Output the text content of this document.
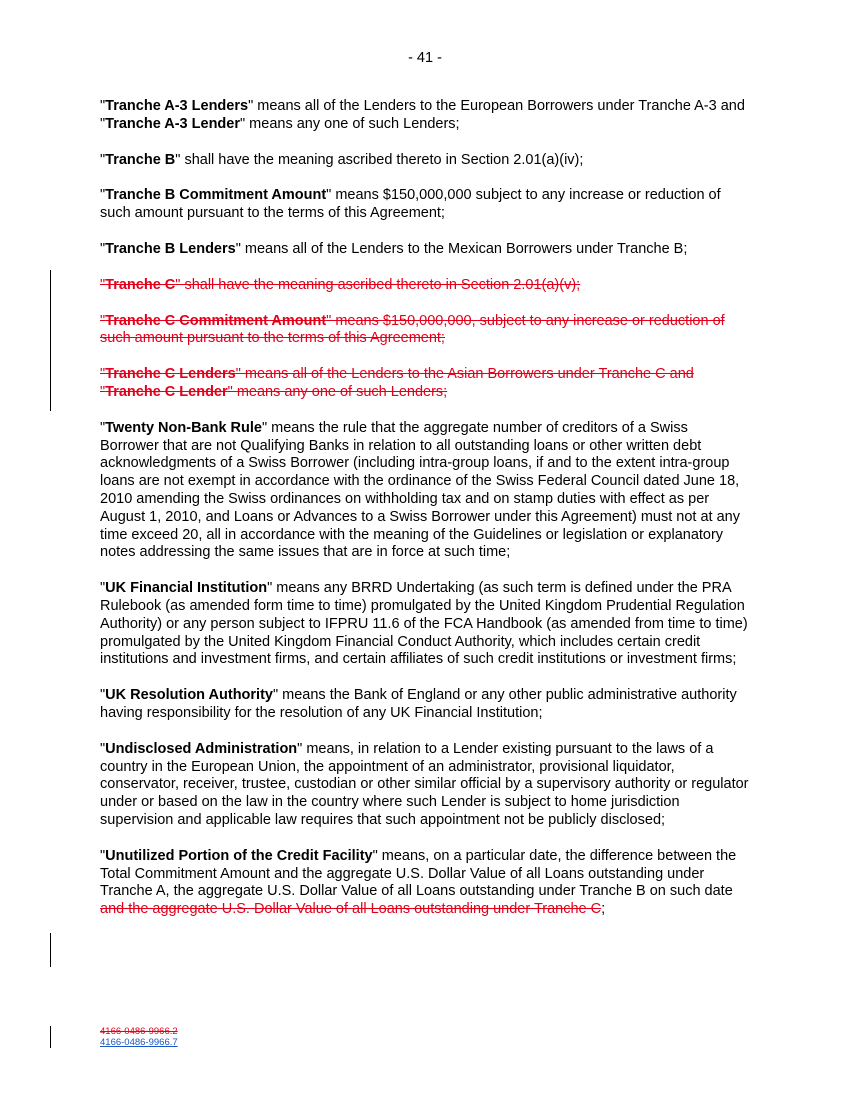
- 41 -

"Tranche A-3 Lenders" means all of the Lenders to the European Borrowers under Tranche A-3 and "Tranche A-3 Lender" means any one of such Lenders;

"Tranche B" shall have the meaning ascribed thereto in Section 2.01(a)(iv);

"Tranche B Commitment Amount" means $150,000,000 subject to any increase or reduction of such amount pursuant to the terms of this Agreement;

"Tranche B Lenders" means all of the Lenders to the Mexican Borrowers under Tranche B;

"Tranche C" shall have the meaning ascribed thereto in Section 2.01(a)(v);

"Tranche C Commitment Amount" means $150,000,000, subject to any increase or reduction of such amount pursuant to the terms of this Agreement;

"Tranche C Lenders" means all of the Lenders to the Asian Borrowers under Tranche C and "Tranche C Lender" means any one of such Lenders;

"Twenty Non-Bank Rule" means the rule that the aggregate number of creditors of a Swiss Borrower that are not Qualifying Banks in relation to all outstanding loans or other written debt acknowledgments of a Swiss Borrower (including intra-group loans, if and to the extent intra-group loans are not exempt in accordance with the ordinance of the Swiss Federal Council dated June 18, 2010 amending the Swiss ordinances on withholding tax and on stamp duties with effect as per August 1, 2010, and Loans or Advances to a Swiss Borrower under this Agreement) must not at any time exceed 20, all in accordance with the meaning of the Guidelines or legislation or explanatory notes addressing the same issues that are in force at such time;

"UK Financial Institution" means any BRRD Undertaking (as such term is defined under the PRA Rulebook (as amended form time to time) promulgated by the United Kingdom Prudential Regulation Authority) or any person subject to IFPRU 11.6 of the FCA Handbook (as amended from time to time) promulgated by the United Kingdom Financial Conduct Authority, which includes certain credit institutions and investment firms, and certain affiliates of such credit institutions or investment firms;

"UK Resolution Authority" means the Bank of England or any other public administrative authority having responsibility for the resolution of any UK Financial Institution;

"Undisclosed Administration" means, in relation to a Lender existing pursuant to the laws of a country in the European Union, the appointment of an administrator, provisional liquidator, conservator, receiver, trustee, custodian or other similar official by a supervisory authority or regulator under or based on the law in the country where such Lender is subject to home jurisdiction supervision and applicable law requires that such appointment not be publicly disclosed;

"Unutilized Portion of the Credit Facility" means, on a particular date, the difference between the Total Commitment Amount and the aggregate U.S. Dollar Value of all Loans outstanding under Tranche A, the aggregate U.S. Dollar Value of all Loans outstanding under Tranche B on such date and the aggregate U.S. Dollar Value of all Loans outstanding under Tranche C;

4166-0486-9966.2
4166-0486-9966.7
